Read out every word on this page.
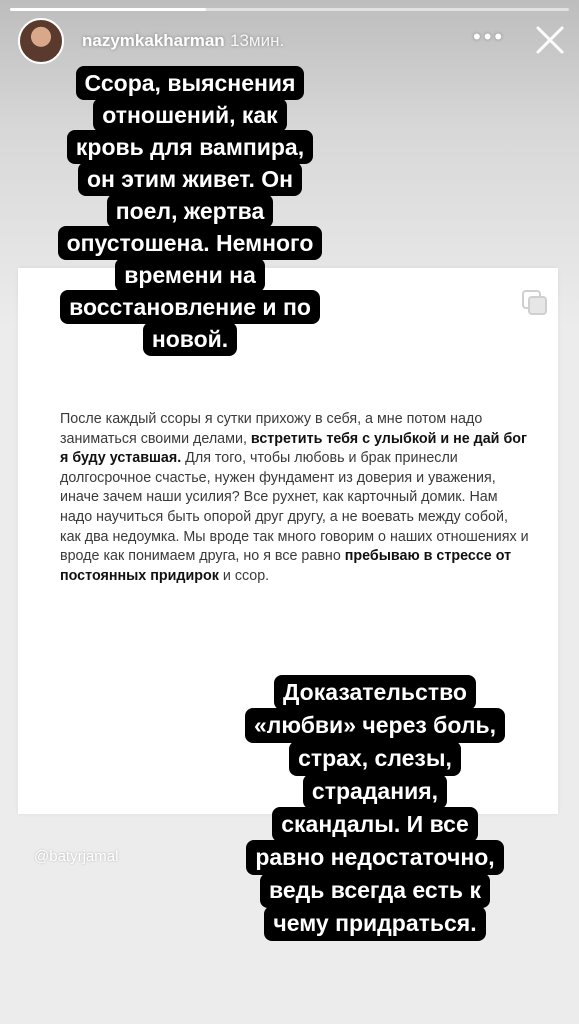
nazymkakharman 13мин.	•••
После каждый ссоры я сутки прихожу в себя, а мне потом надо заниматься своими делами, встретить тебя с улыбкой и не дай бог я буду уставшая. Для того, чтобы любовь и брак принесли долгосрочное счастье, нужен фундамент из доверия и уважения, иначе зачем наши усилия? Все рухнет, как карточный домик. Нам надо научиться быть опорой друг другу, а не воевать между собой, как два недоумка. Мы вроде так много говорим о наших отношениях и вроде как понимаем друга, но я все равно пребываю в стрессе от постоянных придирок и ссор.
@batyrjamal
Ссора, выяснения
отношений, как
кровь для вампира,
он этим живет. Он
поел, жертва
опустошена. Немного
времени на
восстановление и по
новой.
Доказательство
«любви» через боль,
страх, слезы,
страдания,
скандалы. И все
равно недостаточно,
ведь всегда есть к
чему придраться.
